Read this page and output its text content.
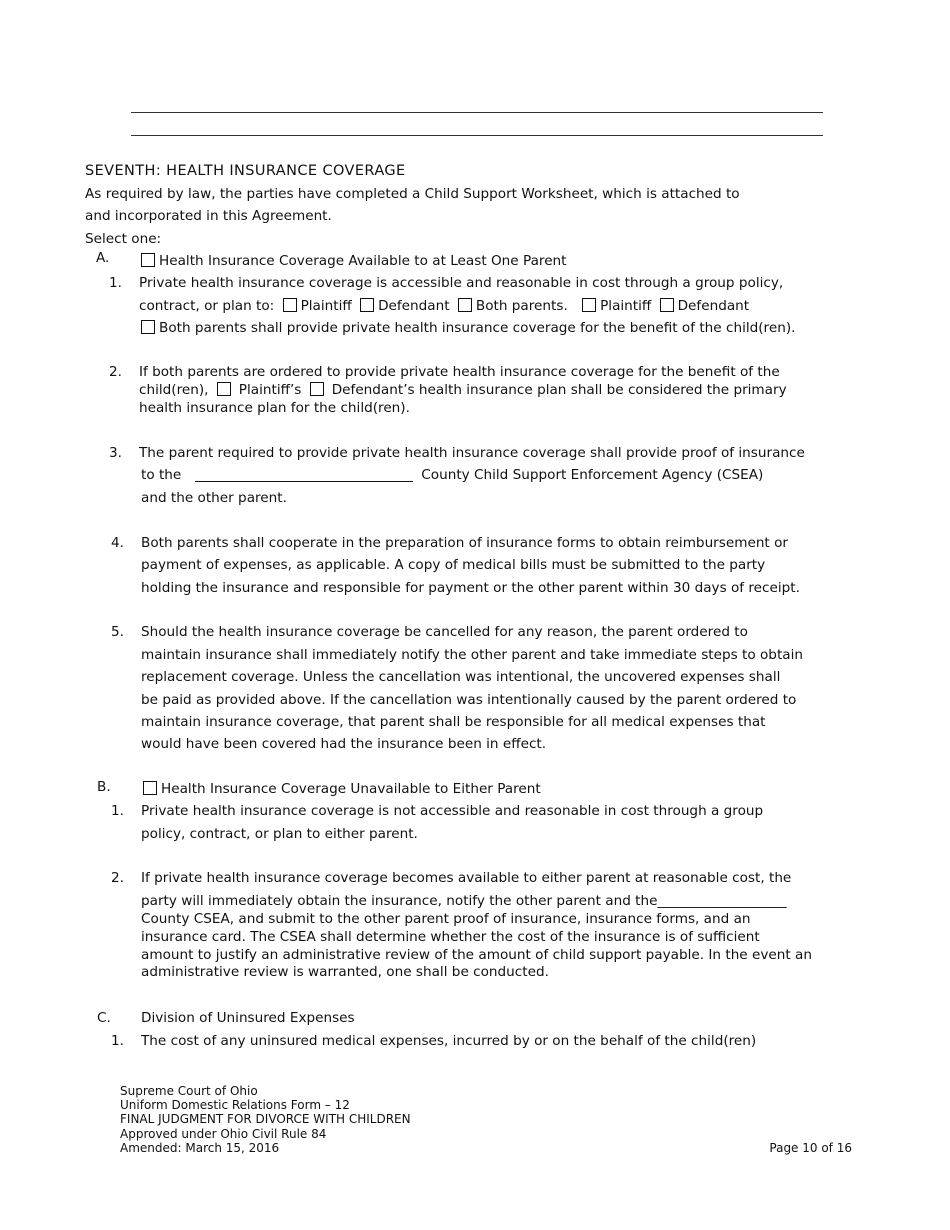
SEVENTH: HEALTH INSURANCE COVERAGE
As required by law, the parties have completed a Child Support Worksheet, which is attached to
and incorporated in this Agreement.
Select one:
A.	Health Insurance Coverage Available to at Least One Parent
1. Private health insurance coverage is accessible and reasonable in cost through a group policy,
contract, or plan to: Plaintiff Defendant Both parents. Plaintiff Defendant
Both parents shall provide private health insurance coverage for the benefit of the child(ren).
2. If both parents are ordered to provide private health insurance coverage for the benefit of the
child(ren), Plaintiff’s Defendant’s health insurance plan shall be considered the primary
health insurance plan for the child(ren).
3. The parent required to provide private health insurance coverage shall provide proof of insurance
to the	County Child Support Enforcement Agency (CSEA)
and the other parent.
4. Both parents shall cooperate in the preparation of insurance forms to obtain reimbursement or
payment of expenses, as applicable. A copy of medical bills must be submitted to the party
holding the insurance and responsible for payment or the other parent within 30 days of receipt.
5. Should the health insurance coverage be cancelled for any reason, the parent ordered to
maintain insurance shall immediately notify the other parent and take immediate steps to obtain
replacement coverage. Unless the cancellation was intentional, the uncovered expenses shall
be paid as provided above. If the cancellation was intentionally caused by the parent ordered to
maintain insurance coverage, that parent shall be responsible for all medical expenses that
would have been covered had the insurance been in effect.
B.	Health Insurance Coverage Unavailable to Either Parent
1. Private health insurance coverage is not accessible and reasonable in cost through a group
policy, contract, or plan to either parent.
2. If private health insurance coverage becomes available to either parent at reasonable cost, the
party will immediately obtain the insurance, notify the other parent and the___________________
County CSEA, and submit to the other parent proof of insurance, insurance forms, and an
insurance card. The CSEA shall determine whether the cost of the insurance is of sufficient
amount to justify an administrative review of the amount of child support payable. In the event an
administrative review is warranted, one shall be conducted.
C. Division of Uninsured Expenses
1. The cost of any uninsured medical expenses, incurred by or on the behalf of the child(ren)
Supreme Court of Ohio
Uniform Domestic Relations Form – 12
FINAL JUDGMENT FOR DIVORCE WITH CHILDREN
Approved under Ohio Civil Rule 84
Amended: March 15, 2016	Page 10 of 16
